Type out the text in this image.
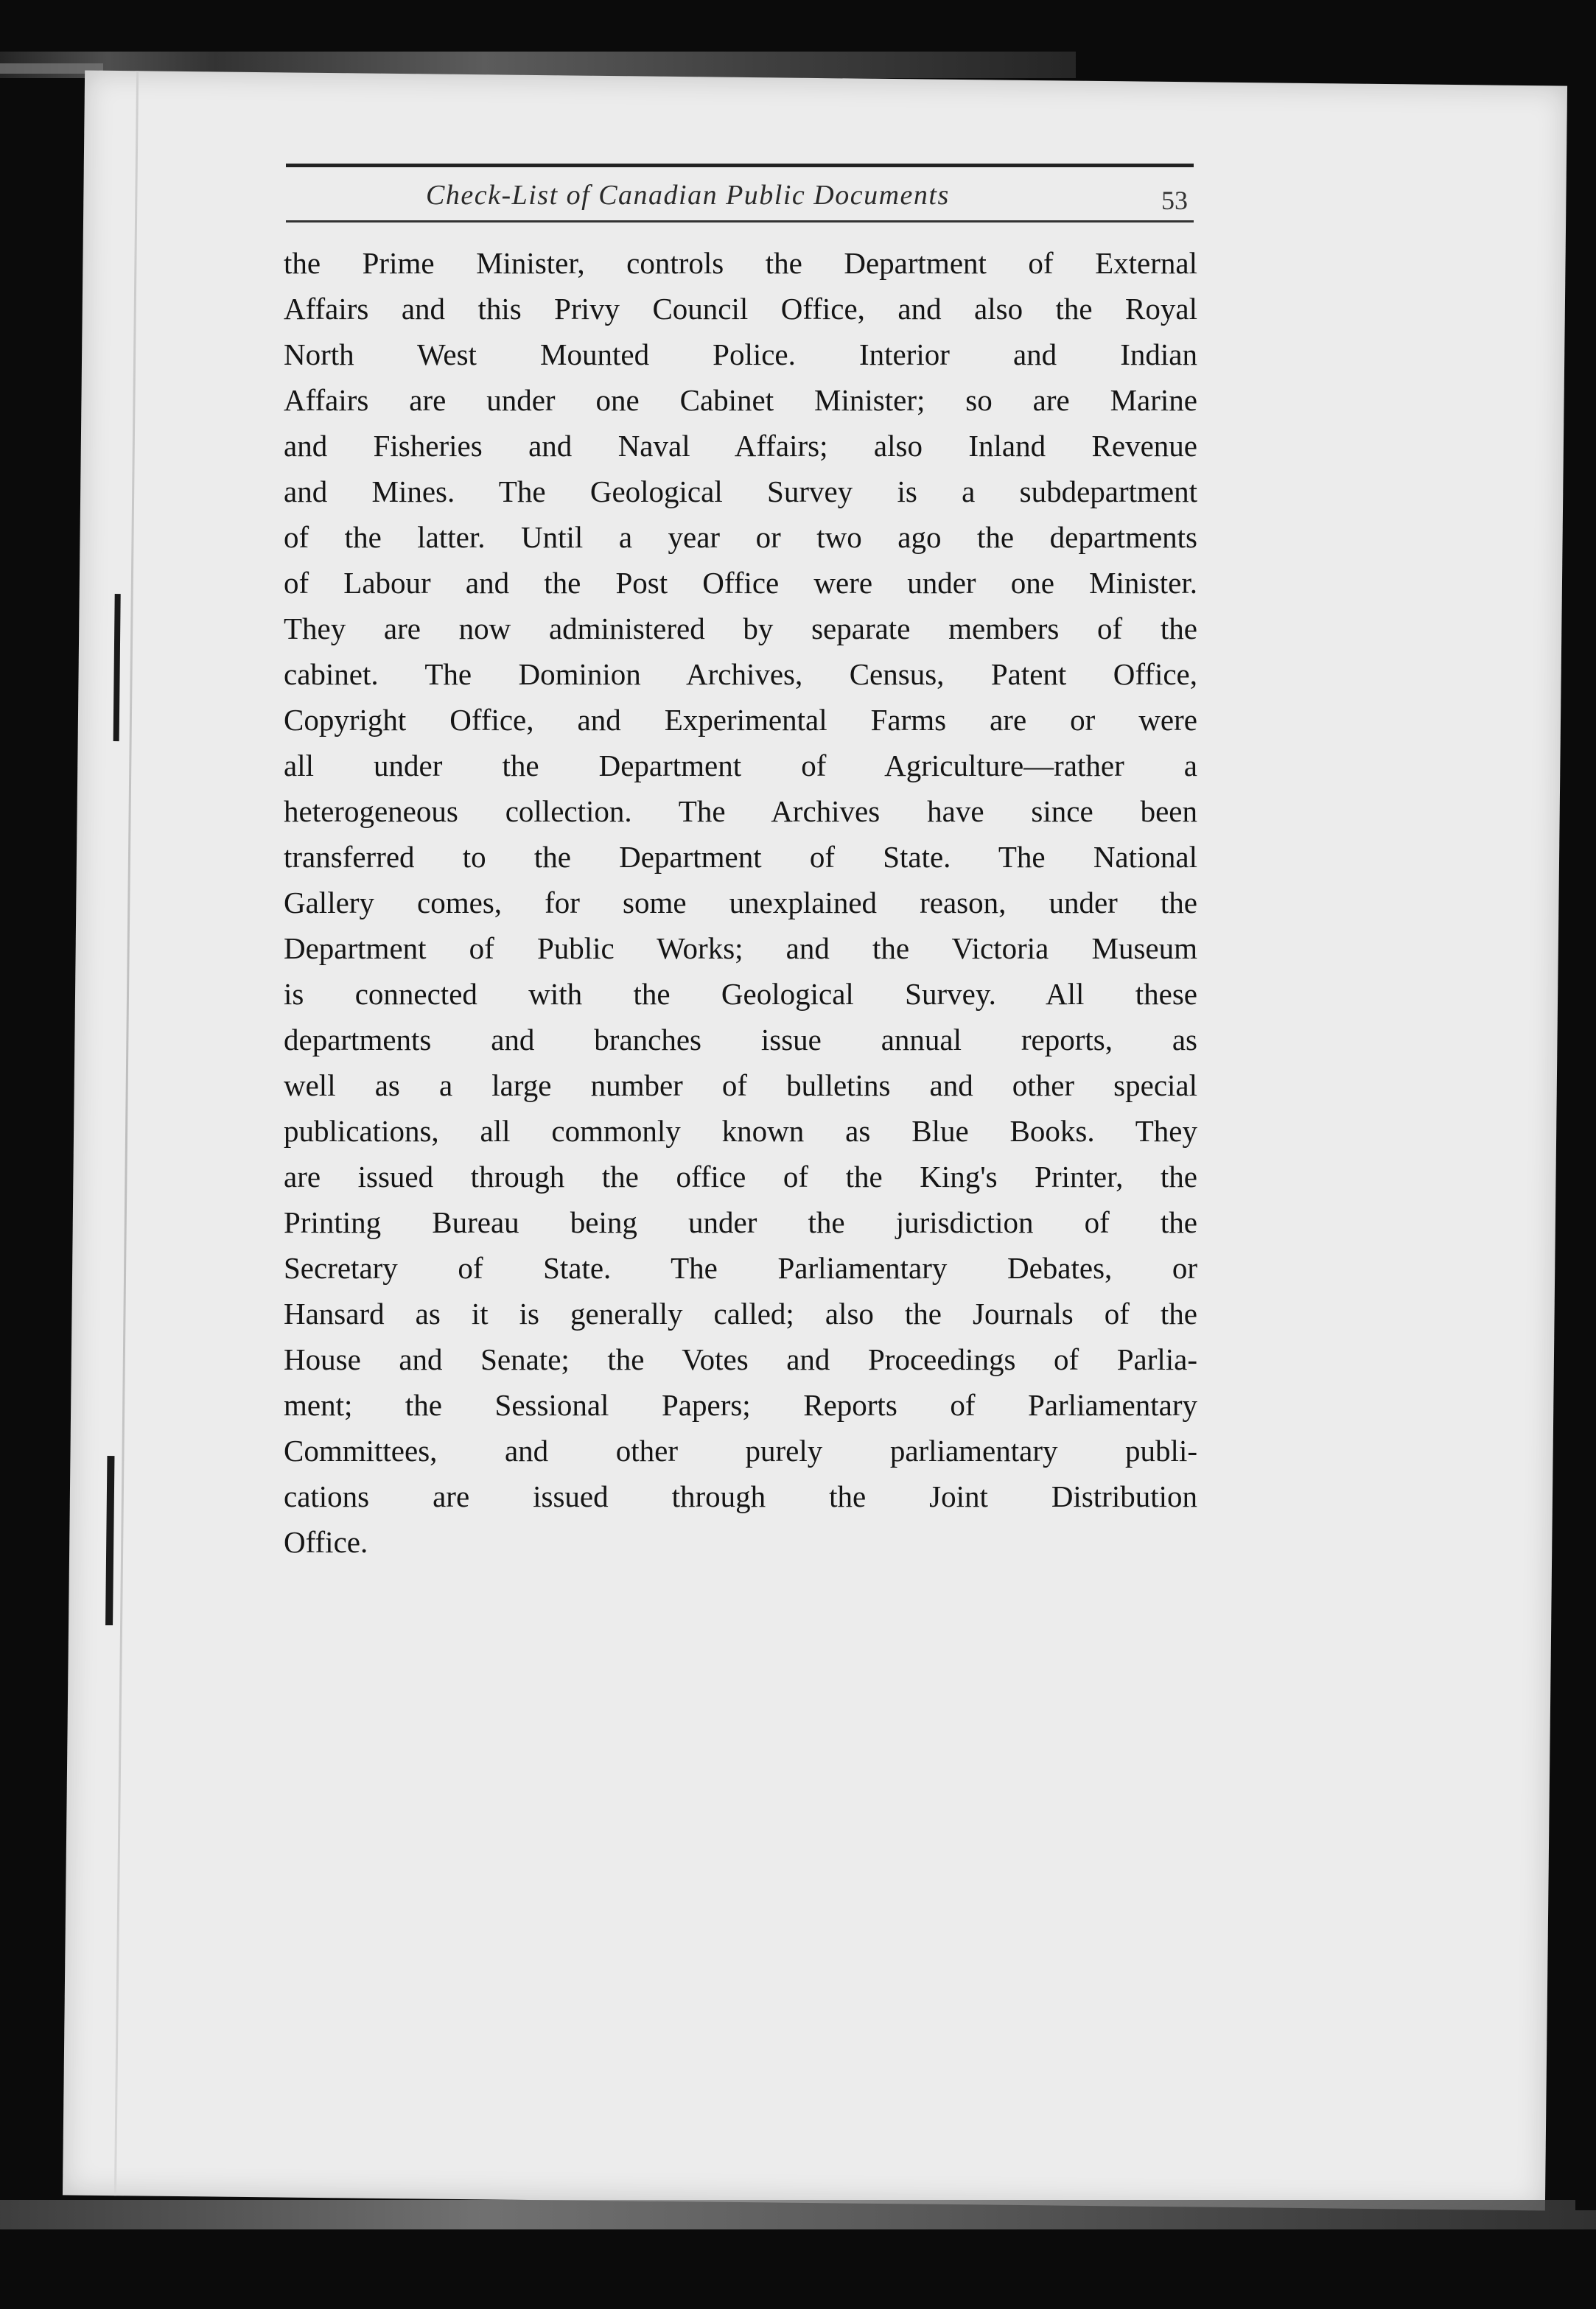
Check-List of Canadian Public Documents	53
the Prime Minister, controls the Department of External
Affairs and this Privy Council Office, and also the Royal
North West Mounted Police. Interior and Indian
Affairs are under one Cabinet Minister; so are Marine
and Fisheries and Naval Affairs; also Inland Revenue
and Mines. The Geological Survey is a subdepartment
of the latter. Until a year or two ago the departments
of Labour and the Post Office were under one Minister.
They are now administered by separate members of the
cabinet. The Dominion Archives, Census, Patent Office,
Copyright Office, and Experimental Farms are or were
all under the Department of Agriculture—rather a
heterogeneous collection. The Archives have since been
transferred to the Department of State. The National
Gallery comes, for some unexplained reason, under the
Department of Public Works; and the Victoria Museum
is connected with the Geological Survey. All these
departments and branches issue annual reports, as
well as a large number of bulletins and other special
publications, all commonly known as Blue Books. They
are issued through the office of the King's Printer, the
Printing Bureau being under the jurisdiction of the
Secretary of State. The Parliamentary Debates, or
Hansard as it is generally called; also the Journals of the
House and Senate; the Votes and Proceedings of Parlia-
ment; the Sessional Papers; Reports of Parliamentary
Committees, and other purely parliamentary publi-
cations are issued through the Joint Distribution
Office.
